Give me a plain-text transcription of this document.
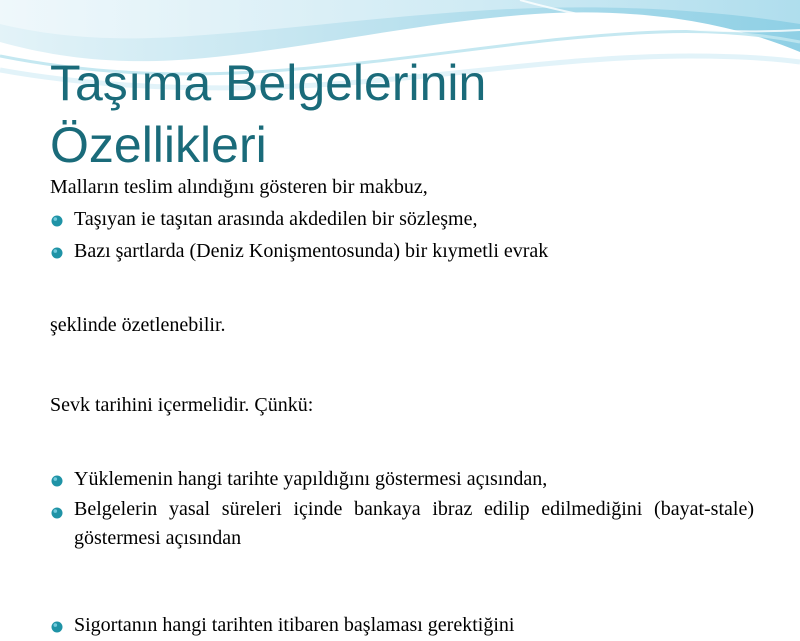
Taşıma Belgelerinin
Özellikleri

Malların teslim alındığını gösteren bir makbuz,

Taşıyan ie taşıtan arasında akdedilen bir sözleşme,
Bazı şartlarda (Deniz Konişmentosunda) bir kıymetli evrak

şeklinde özetlenebilir.

Sevk tarihini içermelidir. Çünkü:

Yüklemenin hangi tarihte yapıldığını göstermesi açısından,
Belgelerin yasal süreleri içinde bankaya ibraz edilip edilmediğini (bayat-stale) göstermesi açısından
Sigortanın hangi tarihten itibaren başlaması gerektiğini
